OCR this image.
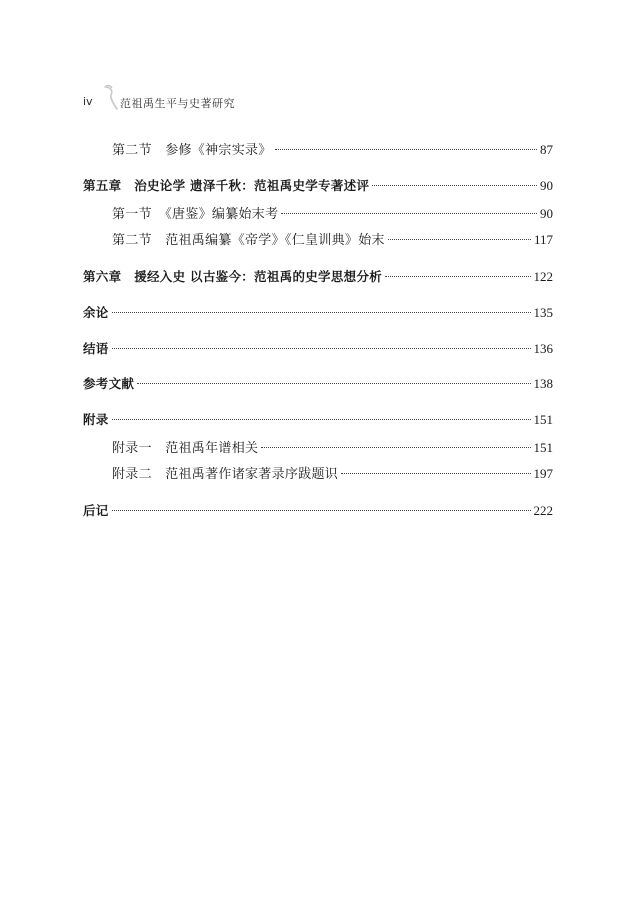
iv 范祖禹生平与史著研究
第二节　参修《神宗实录》	87
第五章　治史论学 遗泽千秋：范祖禹史学专著述评	90
第一节　《唐鉴》编纂始末考	90
第二节　范祖禹编纂《帝学》《仁皇训典》始末	117
第六章　援经入史 以古鉴今：范祖禹的史学思想分析	122
余论	135
结语	136
参考文献	138
附录	151
附录一　范祖禹年谱相关	151
附录二　范祖禹著作诸家著录序跋题识	197
后记	222
